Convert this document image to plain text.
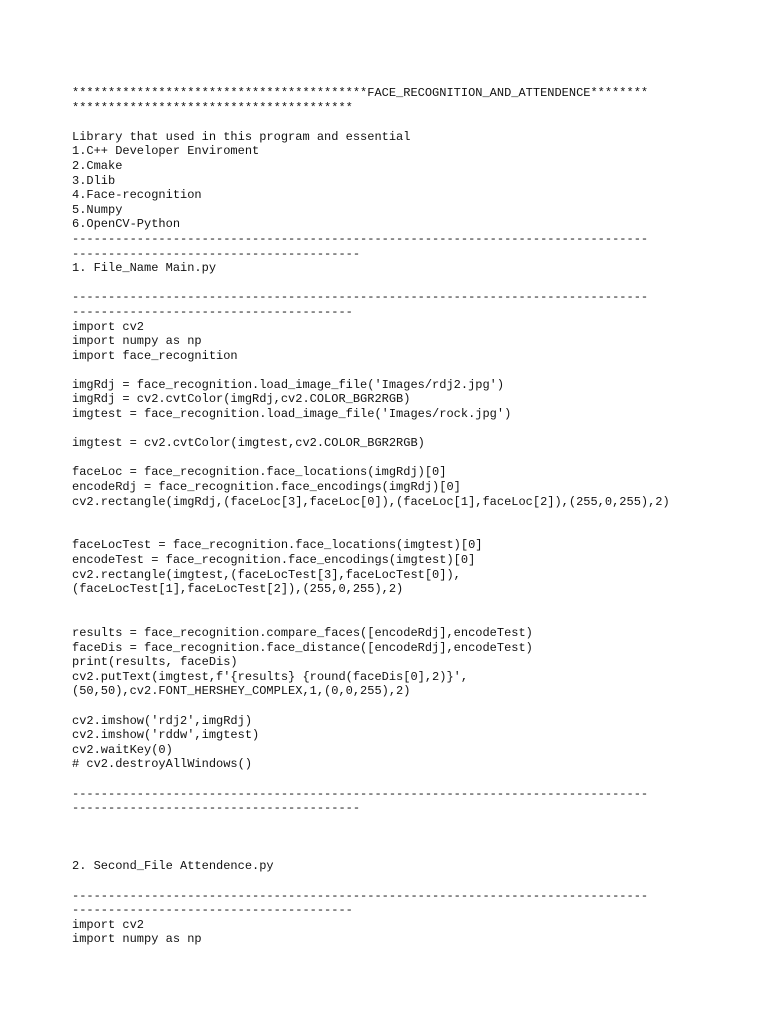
*****************************************FACE_RECOGNITION_AND_ATTENDENCE********
***************************************
Library that used in this program and essential
1.C++ Developer Enviroment
2.Cmake
3.Dlib
4.Face-recognition
5.Numpy
6.OpenCV-Python
--------------------------------------------------------------------------------
----------------------------------------
1. File_Name Main.py
--------------------------------------------------------------------------------
---------------------------------------
import cv2
import numpy as np
import face_recognition
imgRdj = face_recognition.load_image_file('Images/rdj2.jpg')
imgRdj = cv2.cvtColor(imgRdj,cv2.COLOR_BGR2RGB)
imgtest = face_recognition.load_image_file('Images/rock.jpg')
imgtest = cv2.cvtColor(imgtest,cv2.COLOR_BGR2RGB)
faceLoc = face_recognition.face_locations(imgRdj)[0]
encodeRdj = face_recognition.face_encodings(imgRdj)[0]
cv2.rectangle(imgRdj,(faceLoc[3],faceLoc[0]),(faceLoc[1],faceLoc[2]),(255,0,255),2)
faceLocTest = face_recognition.face_locations(imgtest)[0]
encodeTest = face_recognition.face_encodings(imgtest)[0]
cv2.rectangle(imgtest,(faceLocTest[3],faceLocTest[0]),
(faceLocTest[1],faceLocTest[2]),(255,0,255),2)
results = face_recognition.compare_faces([encodeRdj],encodeTest)
faceDis = face_recognition.face_distance([encodeRdj],encodeTest)
print(results, faceDis)
cv2.putText(imgtest,f'{results} {round(faceDis[0],2)}',
(50,50),cv2.FONT_HERSHEY_COMPLEX,1,(0,0,255),2)
cv2.imshow('rdj2',imgRdj)
cv2.imshow('rddw',imgtest)
cv2.waitKey(0)
# cv2.destroyAllWindows()
--------------------------------------------------------------------------------
----------------------------------------
2. Second_File Attendence.py
--------------------------------------------------------------------------------
---------------------------------------
import cv2
import numpy as np
